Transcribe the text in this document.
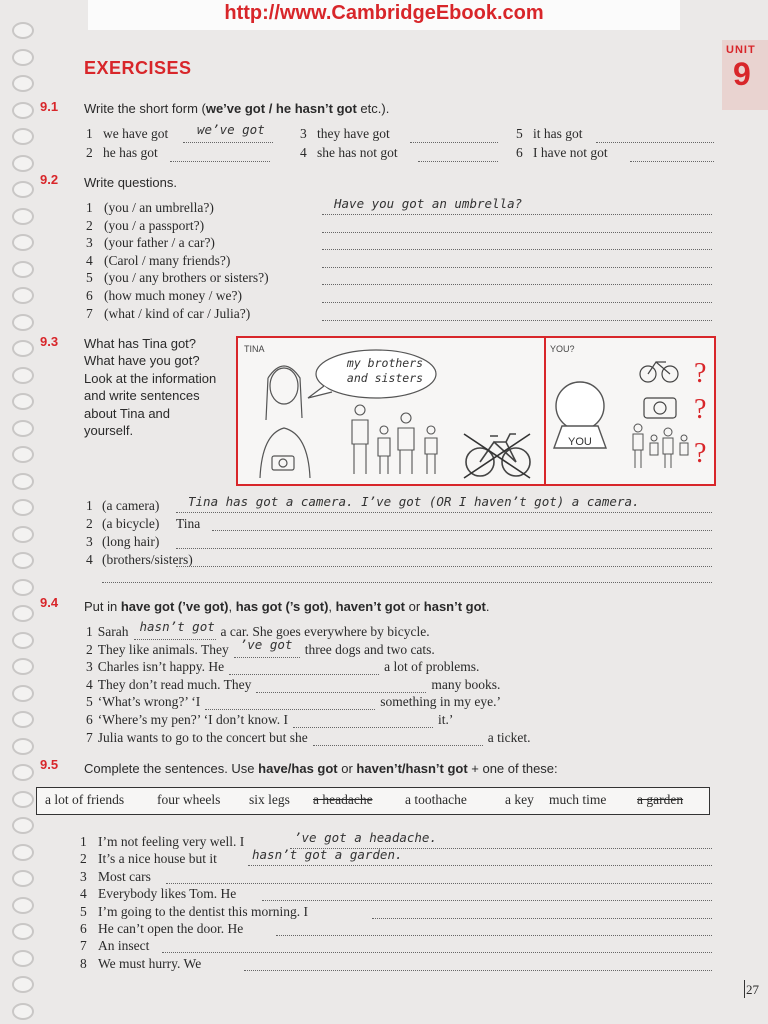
http://www.CambridgeEbook.com
UNIT
9
EXERCISES
9.1 Write the short form (we’ve got / he hasn’t got etc.).
1 we have got we’ve got
2 he has got
3 they have got
4 she has not got
5 it has got
6 I have not got
9.2 Write questions.
1 (you / an umbrella?)	Have you got an umbrella?
2 (you / a passport?)
3 (your father / a car?)
4 (Carol / many friends?)
5 (you / any brothers or sisters?)
6 (how much money / we?)
7 (what / kind of car / Julia?)
9.3 What has Tina got?
What have you got?
Look at the information
and write sentences
about Tina and
yourself.
TINA	YOU?
YOU
?
?
?
my brothers
and sisters
1 (a camera) Tina has got a camera. I’ve got (OR I haven’t got) a camera.
2 (a bicycle) Tina
3 (long hair)
4 (brothers/sisters)
9.4 Put in have got (’ve got), has got (’s got), haven’t got or hasn’t got.
1 Sarah hasn’t got a car. She goes everywhere by bicycle.
2 They like animals. They ’ve got three dogs and two cats.
3 Charles isn’t happy. He	a lot of problems.
4 They don’t read much. They	many books.
5 ‘What’s wrong?’ ‘I	something in my eye.’
6 ‘Where’s my pen?’ ‘I don’t know. I	it.’
7 Julia wants to go to the concert but she	a ticket.
9.5 Complete the sentences. Use have/has got or haven’t/hasn’t got + one of these:
a lot of friends four wheels six legs a headache a toothache	a key much time a garden
1 I’m not feeling very well. I	’ve got a headache.
2 It’s a nice house but it	hasn’t got a garden.
3 Most cars
4 Everybody likes Tom. He
5 I’m going to the dentist this morning. I
6 He can’t open the door. He
7 An insect
8 We must hurry. We
27
